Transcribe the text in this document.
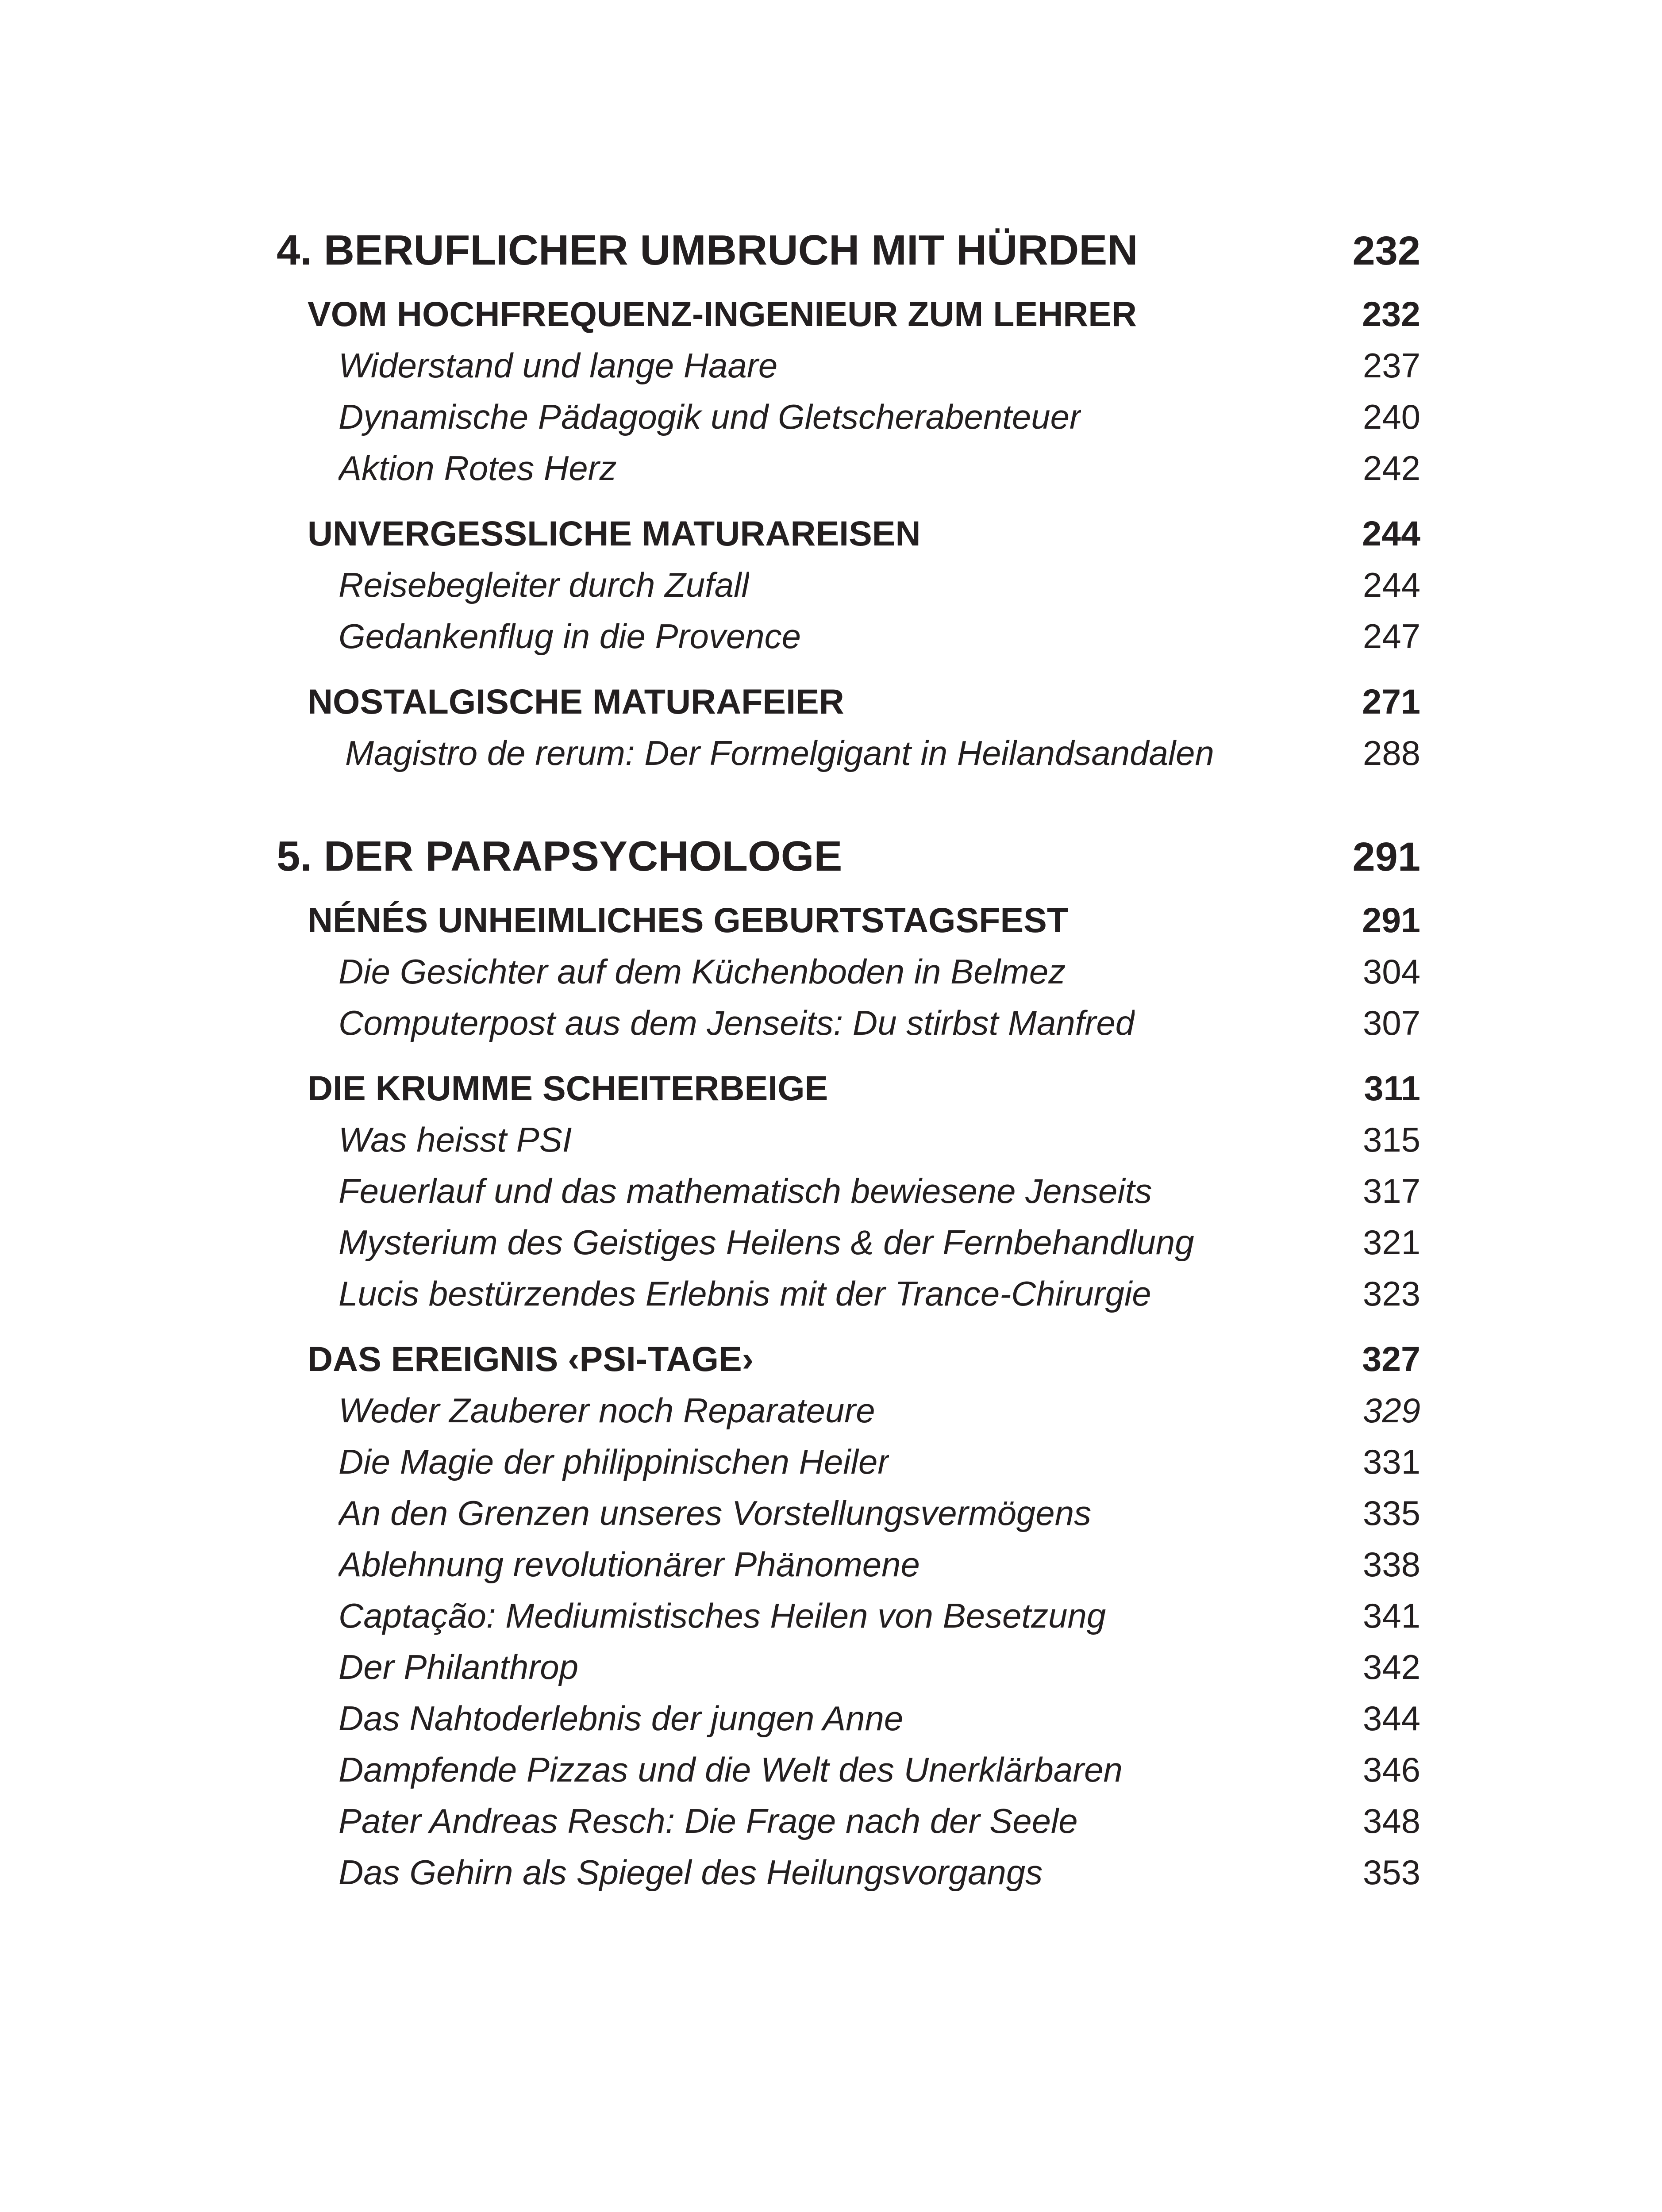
4. BERUFLICHER UMBRUCH MIT HÜRDEN	232
VOM HOCHFREQUENZ-INGENIEUR ZUM LEHRER	232
Widerstand und lange Haare	237
Dynamische Pädagogik und Gletscherabenteuer	240
Aktion Rotes Herz	242
UNVERGESSLICHE MATURAREISEN	244
Reisebegleiter durch Zufall	244
Gedankenflug in die Provence	247
NOSTALGISCHE MATURAFEIER	271
Magistro de rerum: Der Formelgigant in Heilandsandalen	288
5. DER PARAPSYCHOLOGE	291
NÉNÉS UNHEIMLICHES GEBURTSTAGSFEST	291
Die Gesichter auf dem Küchenboden in Belmez	304
Computerpost aus dem Jenseits: Du stirbst Manfred	307
DIE KRUMME SCHEITERBEIGE	311
Was heisst PSI	315
Feuerlauf und das mathematisch bewiesene Jenseits	317
Mysterium des Geistiges Heilens & der Fernbehandlung	321
Lucis bestürzendes Erlebnis mit der Trance-Chirurgie	323
DAS EREIGNIS ‹PSI-TAGE›	327
Weder Zauberer noch Reparateure	329
Die Magie der philippinischen Heiler	331
An den Grenzen unseres Vorstellungsvermögens	335
Ablehnung revolutionärer Phänomene	338
Captação: Mediumistisches Heilen von Besetzung	341
Der Philanthrop	342
Das Nahtoderlebnis der jungen Anne	344
Dampfende Pizzas und die Welt des Unerklärbaren	346
Pater Andreas Resch: Die Frage nach der Seele	348
Das Gehirn als Spiegel des Heilungsvorgangs	353
